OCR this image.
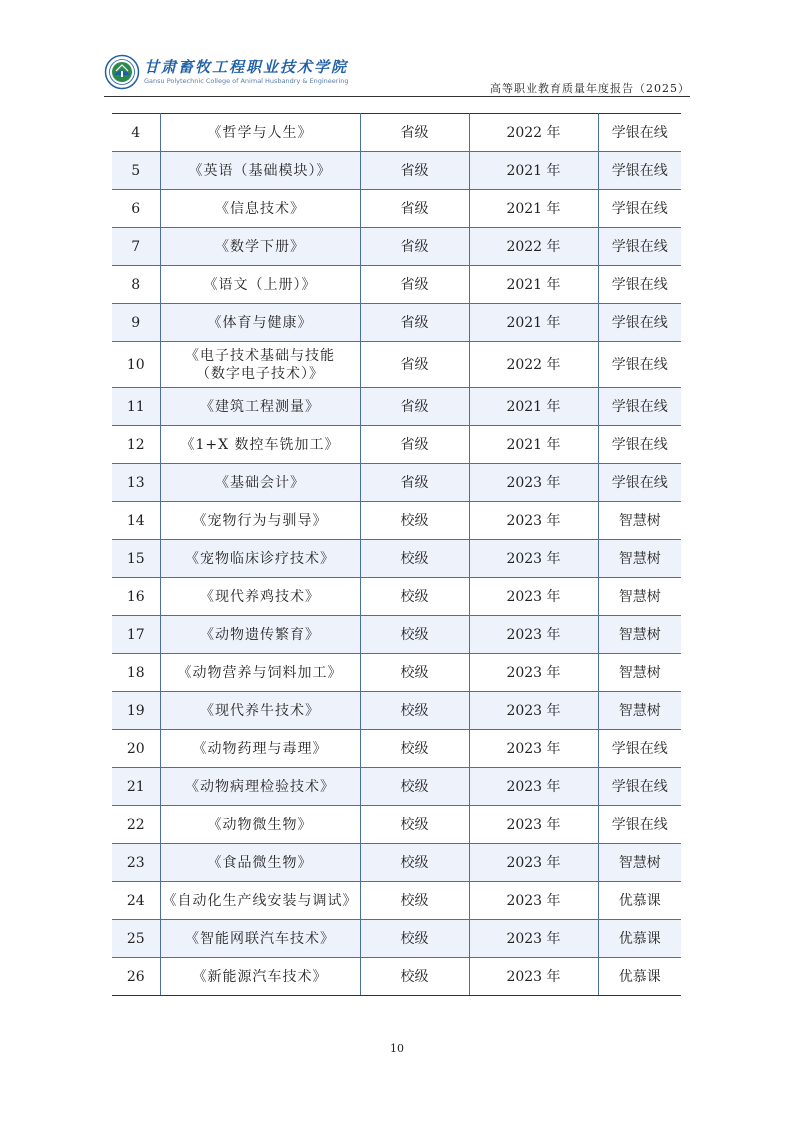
甘肃畜牧工程职业技术学院
Gansu Polytechnic College of Animal Husbandry & Engineering
高等职业教育质量年度报告（2025）
4	《哲学与人生》	省级	2022 年	学银在线
5	《英语（基础模块）》	省级	2021 年	学银在线
6	《信息技术》	省级	2021 年	学银在线
7	《数学下册》	省级	2022 年	学银在线
8	《语文（上册）》	省级	2021 年	学银在线
9	《体育与健康》	省级	2021 年	学银在线
10	《电子技术基础与技能
（数字电子技术）》	省级	2022 年	学银在线
11	《建筑工程测量》	省级	2021 年	学银在线
12	《1+X 数控车铣加工》	省级	2021 年	学银在线
13	《基础会计》	省级	2023 年	学银在线
14	《宠物行为与驯导》	校级	2023 年	智慧树
15	《宠物临床诊疗技术》	校级	2023 年	智慧树
16	《现代养鸡技术》	校级	2023 年	智慧树
17	《动物遗传繁育》	校级	2023 年	智慧树
18	《动物营养与饲料加工》	校级	2023 年	智慧树
19	《现代养牛技术》	校级	2023 年	智慧树
20	《动物药理与毒理》	校级	2023 年	学银在线
21	《动物病理检验技术》	校级	2023 年	学银在线
22	《动物微生物》	校级	2023 年	学银在线
23	《食品微生物》	校级	2023 年	智慧树
24	《自动化生产线安装与调试》	校级	2023 年	优慕课
25	《智能网联汽车技术》	校级	2023 年	优慕课
26	《新能源汽车技术》	校级	2023 年	优慕课
10
